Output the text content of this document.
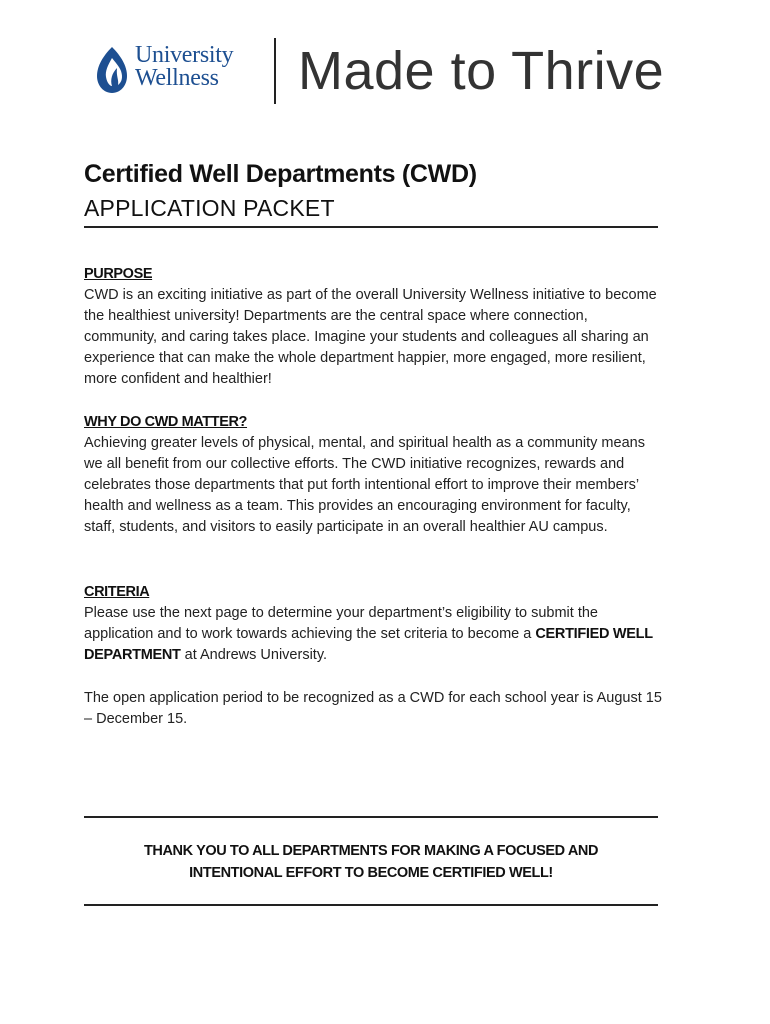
University
Wellness Made to Thrive
Certified Well Departments (CWD)
APPLICATION PACKET
PURPOSE

CWD is an exciting initiative as part of the overall University Wellness initiative to become the healthiest university! Departments are the central space where connection, community, and caring takes place. Imagine your students and colleagues all sharing an experience that can make the whole department happier, more engaged, more resilient, more confident and healthier!

WHY DO CWD MATTER?

Achieving greater levels of physical, mental, and spiritual health as a community means we all benefit from our collective efforts. The CWD initiative recognizes, rewards and celebrates those departments that put forth intentional effort to improve their members’ health and wellness as a team. This provides an encouraging environment for faculty, staff, students, and visitors to easily participate in an overall healthier AU campus.

CRITERIA

Please use the next page to determine your department’s eligibility to submit the application and to work towards achieving the set criteria to become a CERTIFIED WELL DEPARTMENT at Andrews University.

The open application period to be recognized as a CWD for each school year is August 15 – December 15.

THANK YOU TO ALL DEPARTMENTS FOR MAKING A FOCUSED AND
INTENTIONAL EFFORT TO BECOME CERTIFIED WELL!
